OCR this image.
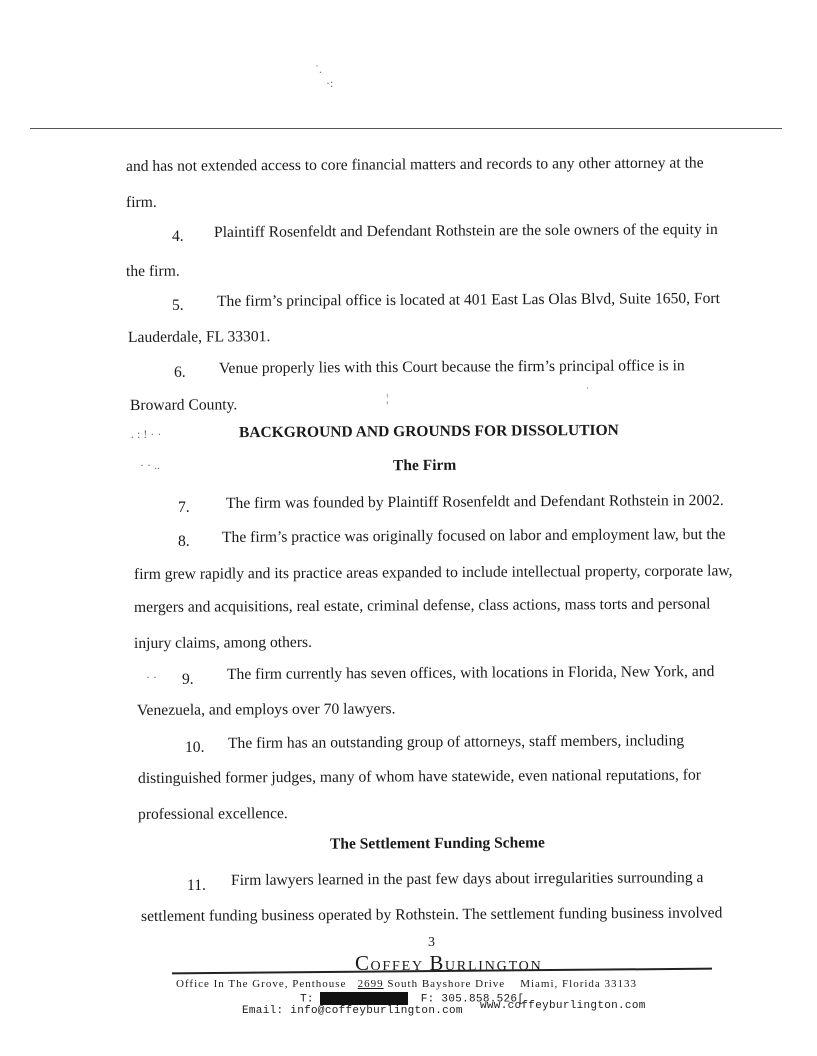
˙.
·:
and has not extended access to core financial matters and records to any other attorney at the
firm.
4. Plaintiff Rosenfeldt and Defendant Rothstein are the sole owners of the equity in
the firm.
5. The firm’s principal office is located at 401 East Las Olas Blvd, Suite 1650, Fort
Lauderdale, FL 33301.
6. Venue properly lies with this Court because the firm’s principal office is in
Broward County.
. : ! · ·	BACKGROUND AND GROUNDS FOR DISSOLUTION
· · ..	The Firm
7. The firm was founded by Plaintiff Rosenfeldt and Defendant Rothstein in 2002.
8. The firm’s practice was originally focused on labor and employment law, but the
firm grew rapidly and its practice areas expanded to include intellectual property, corporate law,
mergers and acquisitions, real estate, criminal defense, class actions, mass torts and personal
injury claims, among others.
· · 9. The firm currently has seven offices, with locations in Florida, New York, and
Venezuela, and employs over 70 lawyers.
10. The firm has an outstanding group of attorneys, staff members, including
distinguished former judges, many of whom have statewide, even national reputations, for
professional excellence.
The Settlement Funding Scheme
11. Firm lawyers learned in the past few days about irregularities surrounding a
settlement funding business operated by Rothstein. The settlement funding business involved
3
COFFEY BURLINGTON
Office In The Grove, Penthouse 2699 South Bayshore Drive Miami, Florida 33133
T:	F: 305.858.526[
Email: info@coffeyburlington.com www.coffeyburlington.com
¦
·
